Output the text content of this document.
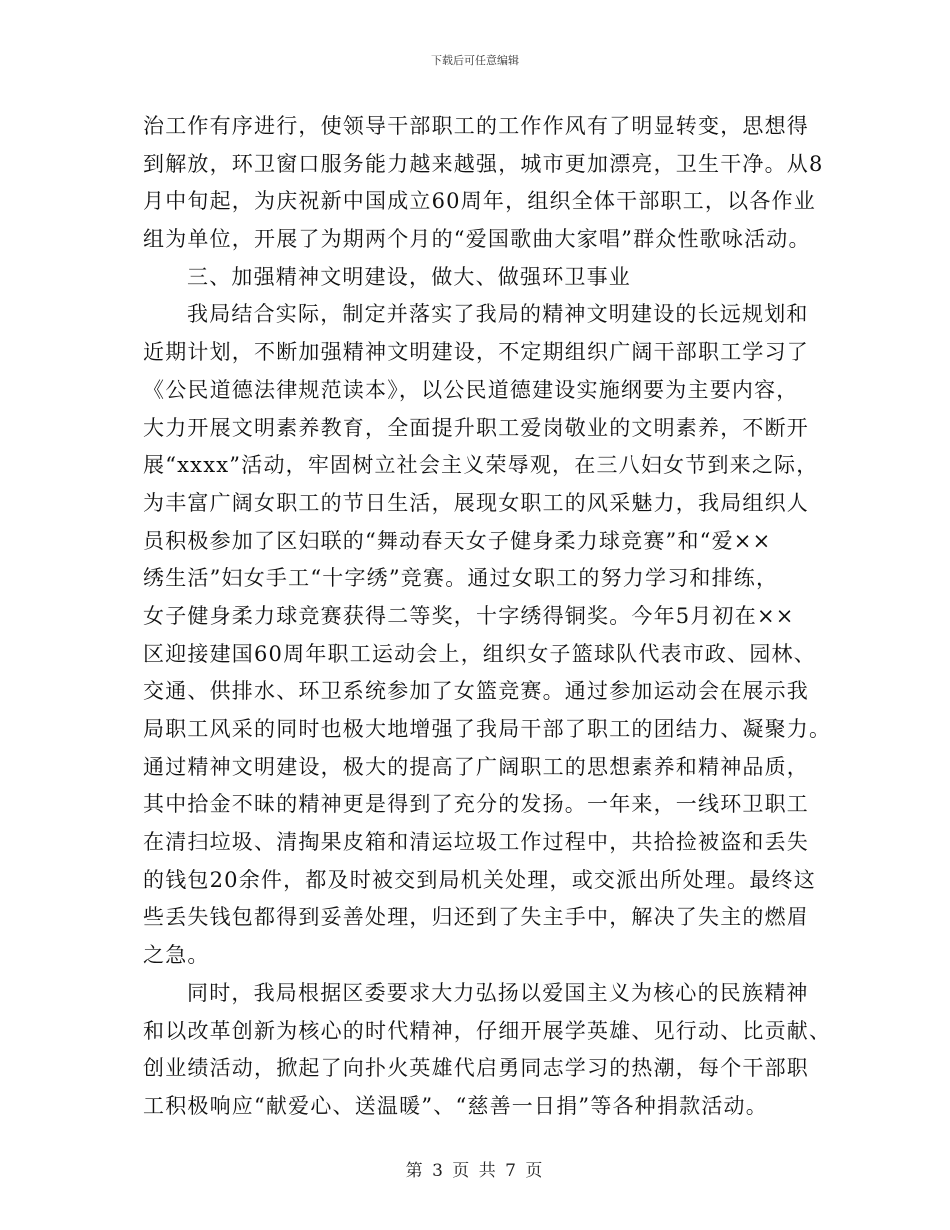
下载后可任意编辑
治工作有序进行，使领导干部职工的工作作风有了明显转变，思想得
到解放，环卫窗口服务能力越来越强，城市更加漂亮，卫生干净。从8
月中旬起，为庆祝新中国成立60周年，组织全体干部职工，以各作业
组为单位，开展了为期两个月的“爱国歌曲大家唱”群众性歌咏活动。
三、加强精神文明建设，做大、做强环卫事业
我局结合实际，制定并落实了我局的精神文明建设的长远规划和
近期计划，不断加强精神文明建设，不定期组织广阔干部职工学习了
《公民道德法律规范读本》，以公民道德建设实施纲要为主要内容，
大力开展文明素养教育，全面提升职工爱岗敬业的文明素养，不断开
展“xxxx”活动，牢固树立社会主义荣辱观，在三八妇女节到来之际，
为丰富广阔女职工的节日生活，展现女职工的风采魅力，我局组织人
员积极参加了区妇联的“舞动春天女子健身柔力球竞赛”和“爱××
绣生活”妇女手工“十字绣”竞赛。通过女职工的努力学习和排练，
女子健身柔力球竞赛获得二等奖，十字绣得铜奖。今年5月初在××
区迎接建国60周年职工运动会上，组织女子篮球队代表市政、园林、
交通、供排水、环卫系统参加了女篮竞赛。通过参加运动会在展示我
局职工风采的同时也极大地增强了我局干部了职工的团结力、凝聚力。
通过精神文明建设，极大的提高了广阔职工的思想素养和精神品质，
其中拾金不昧的精神更是得到了充分的发扬。一年来，一线环卫职工
在清扫垃圾、清掏果皮箱和清运垃圾工作过程中，共拾捡被盗和丢失
的钱包20余件，都及时被交到局机关处理，或交派出所处理。最终这
些丢失钱包都得到妥善处理，归还到了失主手中，解决了失主的燃眉
之急。
同时，我局根据区委要求大力弘扬以爱国主义为核心的民族精神
和以改革创新为核心的时代精神，仔细开展学英雄、见行动、比贡献、
创业绩活动，掀起了向扑火英雄代启勇同志学习的热潮，每个干部职
工积极响应“献爱心、送温暖”、“慈善一日捐”等各种捐款活动。
第 3 页 共 7 页
